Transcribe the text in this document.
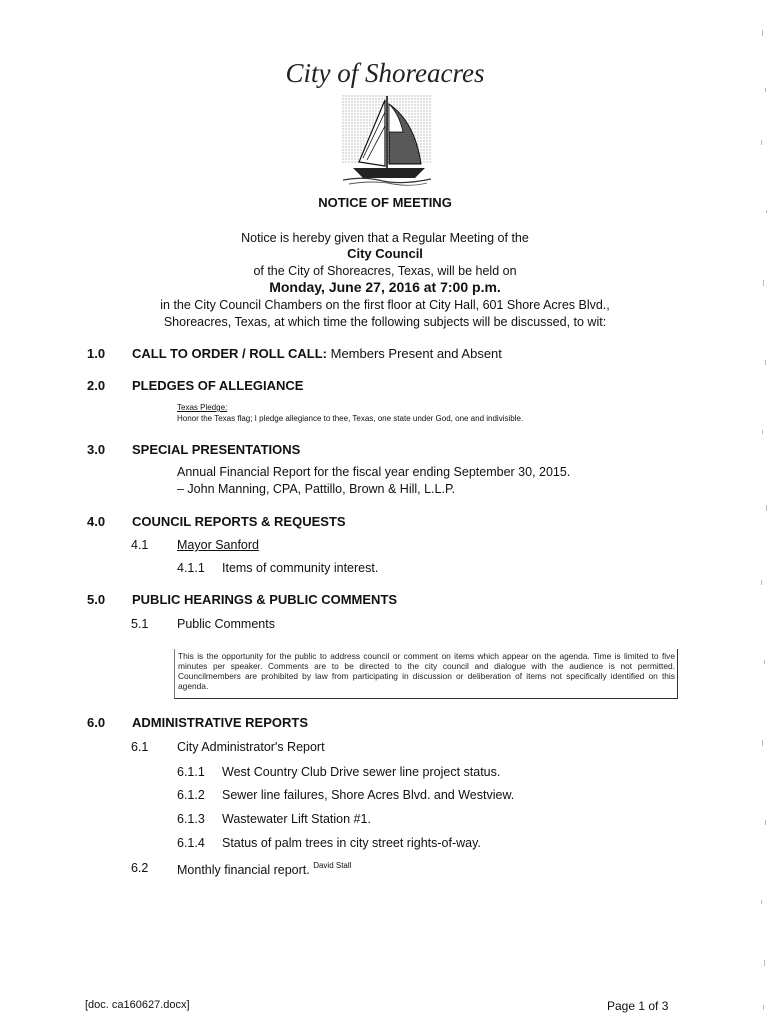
City of Shoreacres
NOTICE OF MEETING
Notice is hereby given that a Regular Meeting of the
City Council
of the City of Shoreacres, Texas, will be held on
Monday, June 27, 2016 at 7:00 p.m.
in the City Council Chambers on the first floor at City Hall, 601 Shore Acres Blvd.,
Shoreacres, Texas, at which time the following subjects will be discussed, to wit:
1.0 CALL TO ORDER / ROLL CALL: Members Present and Absent
2.0 PLEDGES OF ALLEGIANCE
Texas Pledge:
Honor the Texas flag; I pledge allegiance to thee, Texas, one state under God, one and indivisible.
3.0 SPECIAL PRESENTATIONS
Annual Financial Report for the fiscal year ending September 30, 2015.
– John Manning, CPA, Pattillo, Brown & Hill, L.L.P.
4.0 COUNCIL REPORTS & REQUESTS
4.1 Mayor Sanford
4.1.1 Items of community interest.
5.0 PUBLIC HEARINGS & PUBLIC COMMENTS
5.1 Public Comments
This is the opportunity for the public to address council or comment on items which appear on the agenda. Time is limited to five minutes per speaker. Comments are to be directed to the city council and dialogue with the audience is not permitted. Councilmembers are prohibited by law from participating in discussion or deliberation of items not specifically identified on this agenda.
6.0 ADMINISTRATIVE REPORTS
6.1 City Administrator's Report
6.1.1 West Country Club Drive sewer line project status.
6.1.2 Sewer line failures, Shore Acres Blvd. and Westview.
6.1.3 Wastewater Lift Station #1.
6.1.4 Status of palm trees in city street rights-of-way.
6.2 Monthly financial report. $^{David Stall}$
[doc. ca160627.docx]	Page 1 of 3
